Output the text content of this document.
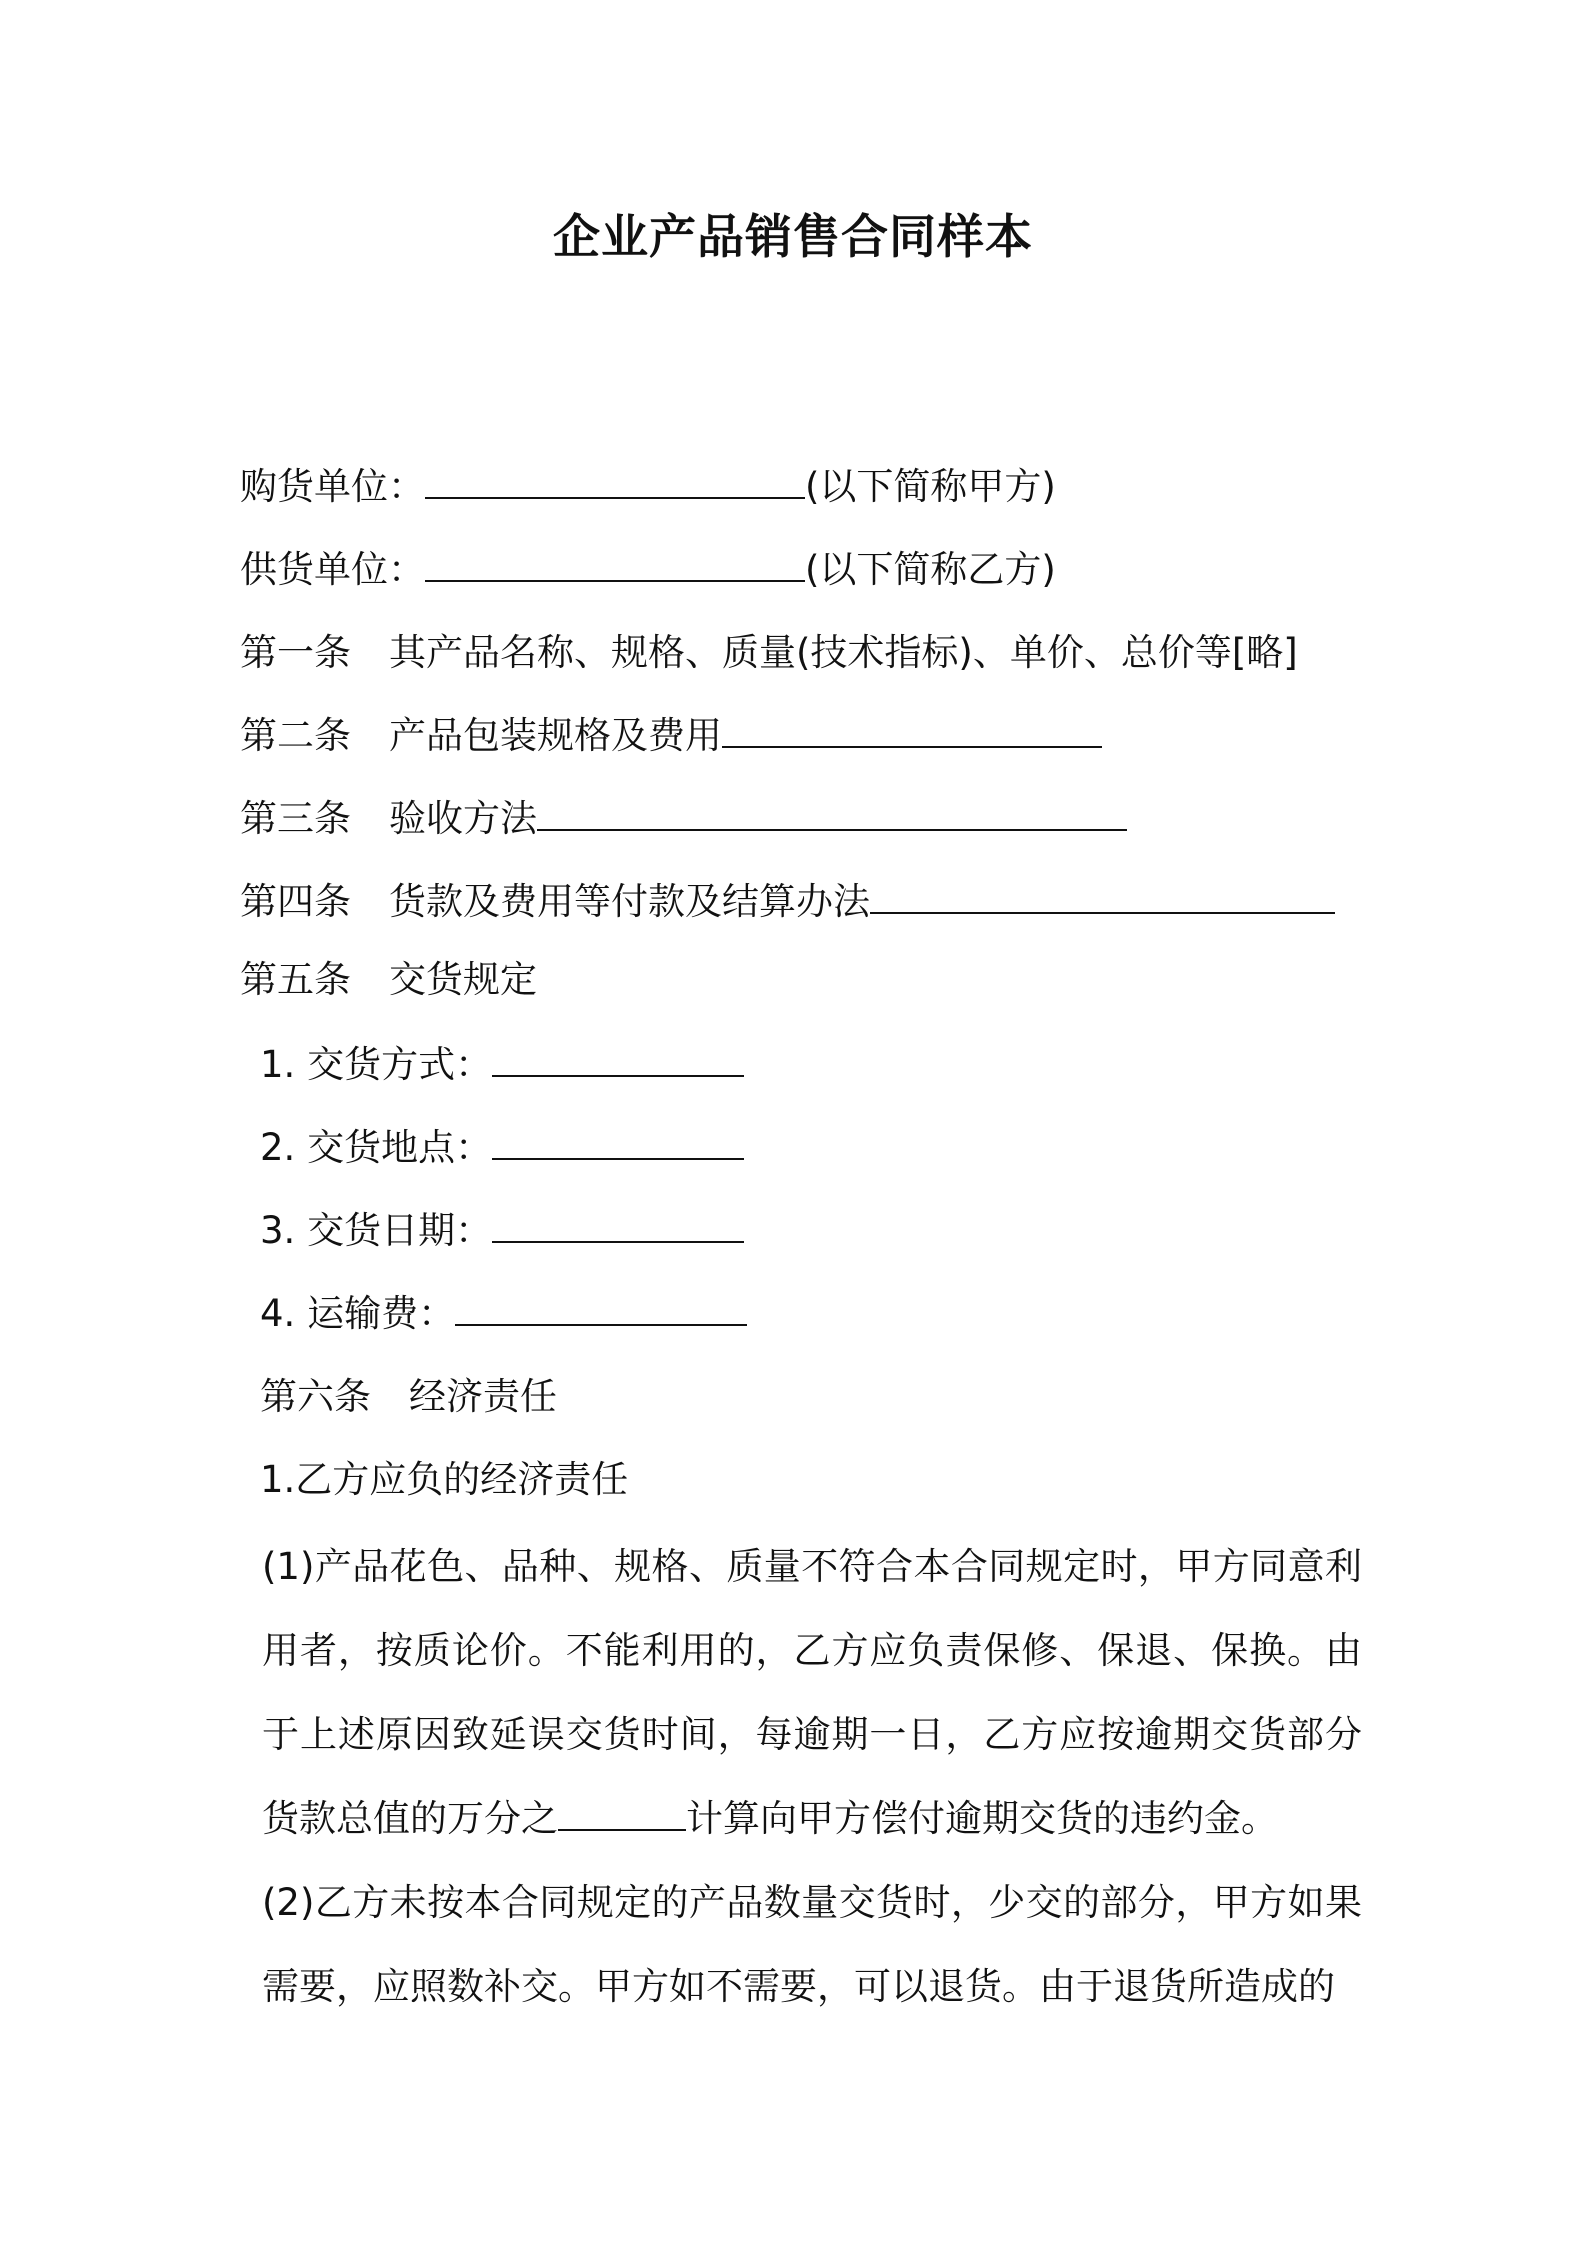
企业产品销售合同样本
购货单位：	(以下简称甲方)
供货单位：	(以下简称乙方)
第一条 其产品名称、规格、质量(技术指标)、单价、总价等[略]
第二条 产品包装规格及费用
第三条 验收方法
第四条 货款及费用等付款及结算办法
第五条 交货规定
1. 交货方式：
2. 交货地点：
3. 交货日期：
4. 运输费：
第六条 经济责任
1.乙方应负的经济责任
(1)产品花色、品种、规格、质量不符合本合同规定时，甲方同意利用者，按质论价。不能利用的，乙方应负责保修、保退、保换。由于上述原因致延误交货时间，每逾期一日，乙方应按逾期交货部分货款总值的万分之	计算向甲方偿付逾期交货的违约金。
(2)乙方未按本合同规定的产品数量交货时，少交的部分，甲方如果需要，应照数补交。甲方如不需要，可以退货。由于退货所造成的
